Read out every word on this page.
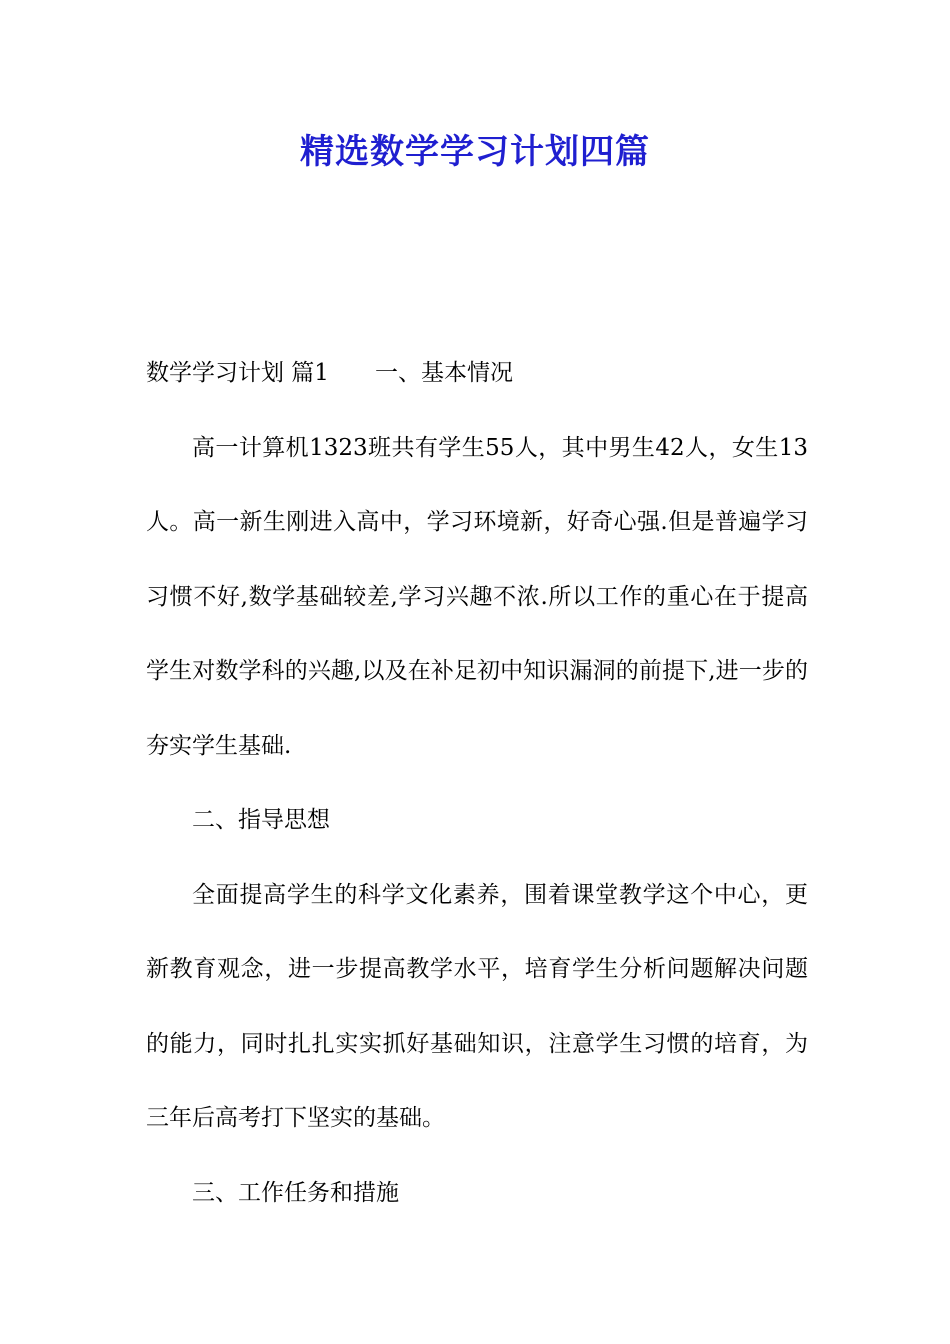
精选数学学习计划四篇

数学学习计划 篇1 一、基本情况

高一计算机1323班共有学生55人，其中男生42人，女生13人。高一新生刚进入高中，学习环境新，好奇心强.但是普遍学习习惯不好,数学基础较差,学习兴趣不浓.所以工作的重心在于提高学生对数学科的兴趣,以及在补足初中知识漏洞的前提下,进一步的夯实学生基础.

二、指导思想

全面提高学生的科学文化素养，围着课堂教学这个中心，更新教育观念，进一步提高教学水平，培育学生分析问题解决问题的能力，同时扎扎实实抓好基础知识，注意学生习惯的培育，为三年后高考打下坚实的基础。

三、工作任务和措施
